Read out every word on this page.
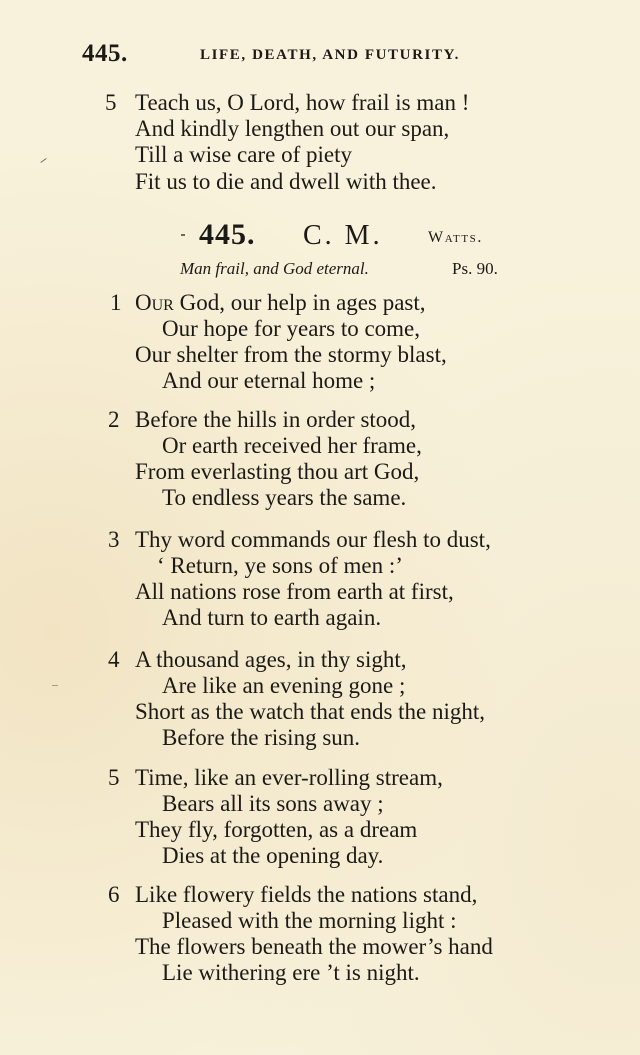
445.	LIFE, DEATH, AND FUTURITY.
5 Teach us, O Lord, how frail is man !
And kindly lengthen out our span,
Till a wise care of piety
Fit us to die and dwell with thee.
445. C. M.	Watts.
Man frail, and God eternal.	Ps. 90.
1 Our God, our help in ages past,
Our hope for years to come,
Our shelter from the stormy blast,
And our eternal home ;
2 Before the hills in order stood,
Or earth received her frame,
From everlasting thou art God,
To endless years the same.
3 Thy word commands our flesh to dust,
‘ Return, ye sons of men :’
All nations rose from earth at first,
And turn to earth again.
4 A thousand ages, in thy sight,
Are like an evening gone ;
Short as the watch that ends the night,
Before the rising sun.
5 Time, like an ever-rolling stream,
Bears all its sons away ;
They fly, forgotten, as a dream
Dies at the opening day.
6 Like flowery fields the nations stand,
Pleased with the morning light :
The flowers beneath the mower’s hand
Lie withering ere ’t is night.
